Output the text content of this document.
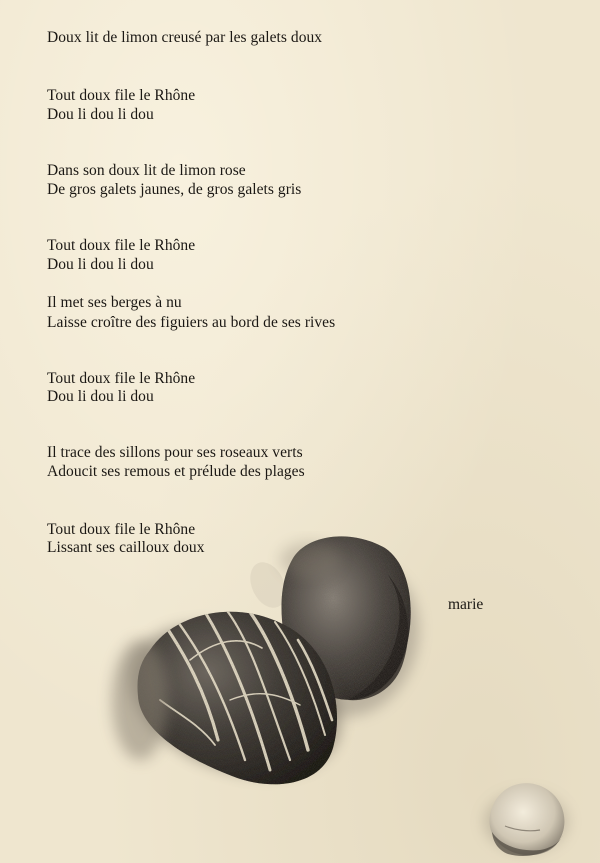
Doux lit de limon creusé par les galets doux
Tout doux file le Rhône
Dou li dou li dou
Dans son doux lit de limon rose
De gros galets jaunes, de gros galets gris
Tout doux file le Rhône
Dou li dou li dou
Il met ses berges à nu
Laisse croître des figuiers au bord de ses rives
Tout doux file le Rhône
Dou li dou li dou
Il trace des sillons pour ses roseaux verts
Adoucit ses remous et prélude des plages
Tout doux file le Rhône
Lissant ses cailloux doux
marie
